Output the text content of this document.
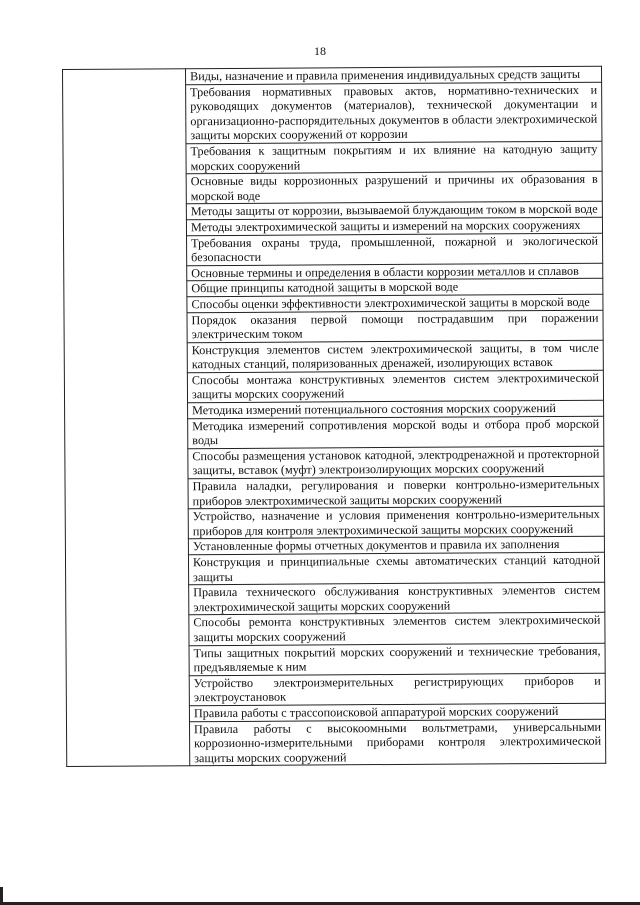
18
	Виды, назначение и правила применения индивидуальных средств защиты
Требования нормативных правовых актов, нормативно-технических и руководящих документов (материалов), технической документации и организационно-распорядительных документов в области электрохимической защиты морских сооружений от коррозии
Требования к защитным покрытиям и их влияние на катодную защиту морских сооружений
Основные виды коррозионных разрушений и причины их образования в морской воде
Методы защиты от коррозии, вызываемой блуждающим током в морской воде
Методы электрохимической защиты и измерений на морских сооружениях
Требования охраны труда, промышленной, пожарной и экологической безопасности
Основные термины и определения в области коррозии металлов и сплавов
Общие принципы катодной защиты в морской воде
Способы оценки эффективности электрохимической защиты в морской воде
Порядок оказания первой помощи пострадавшим при поражении электрическим током
Конструкция элементов систем электрохимической защиты, в том числе катодных станций, поляризованных дренажей, изолирующих вставок
Способы монтажа конструктивных элементов систем электрохимической защиты морских сооружений
Методика измерений потенциального состояния морских сооружений
Методика измерений сопротивления морской воды и отбора проб морской воды
Способы размещения установок катодной, электродренажной и протекторной защиты, вставок (муфт) электроизолирующих морских сооружений
Правила наладки, регулирования и поверки контрольно-измерительных приборов электрохимической защиты морских сооружений
Устройство, назначение и условия применения контрольно-измерительных приборов для контроля электрохимической защиты морских сооружений
Установленные формы отчетных документов и правила их заполнения
Конструкция и принципиальные схемы автоматических станций катодной защиты
Правила технического обслуживания конструктивных элементов систем электрохимической защиты морских сооружений
Способы ремонта конструктивных элементов систем электрохимической защиты морских сооружений
Типы защитных покрытий морских сооружений и технические требования, предъявляемые к ним
Устройство электроизмерительных регистрирующих приборов и электроустановок
Правила работы с трассопоисковой аппаратурой морских сооружений
Правила работы с высокоомными вольтметрами, универсальными коррозионно-измерительными приборами контроля электрохимической защиты морских сооружений
